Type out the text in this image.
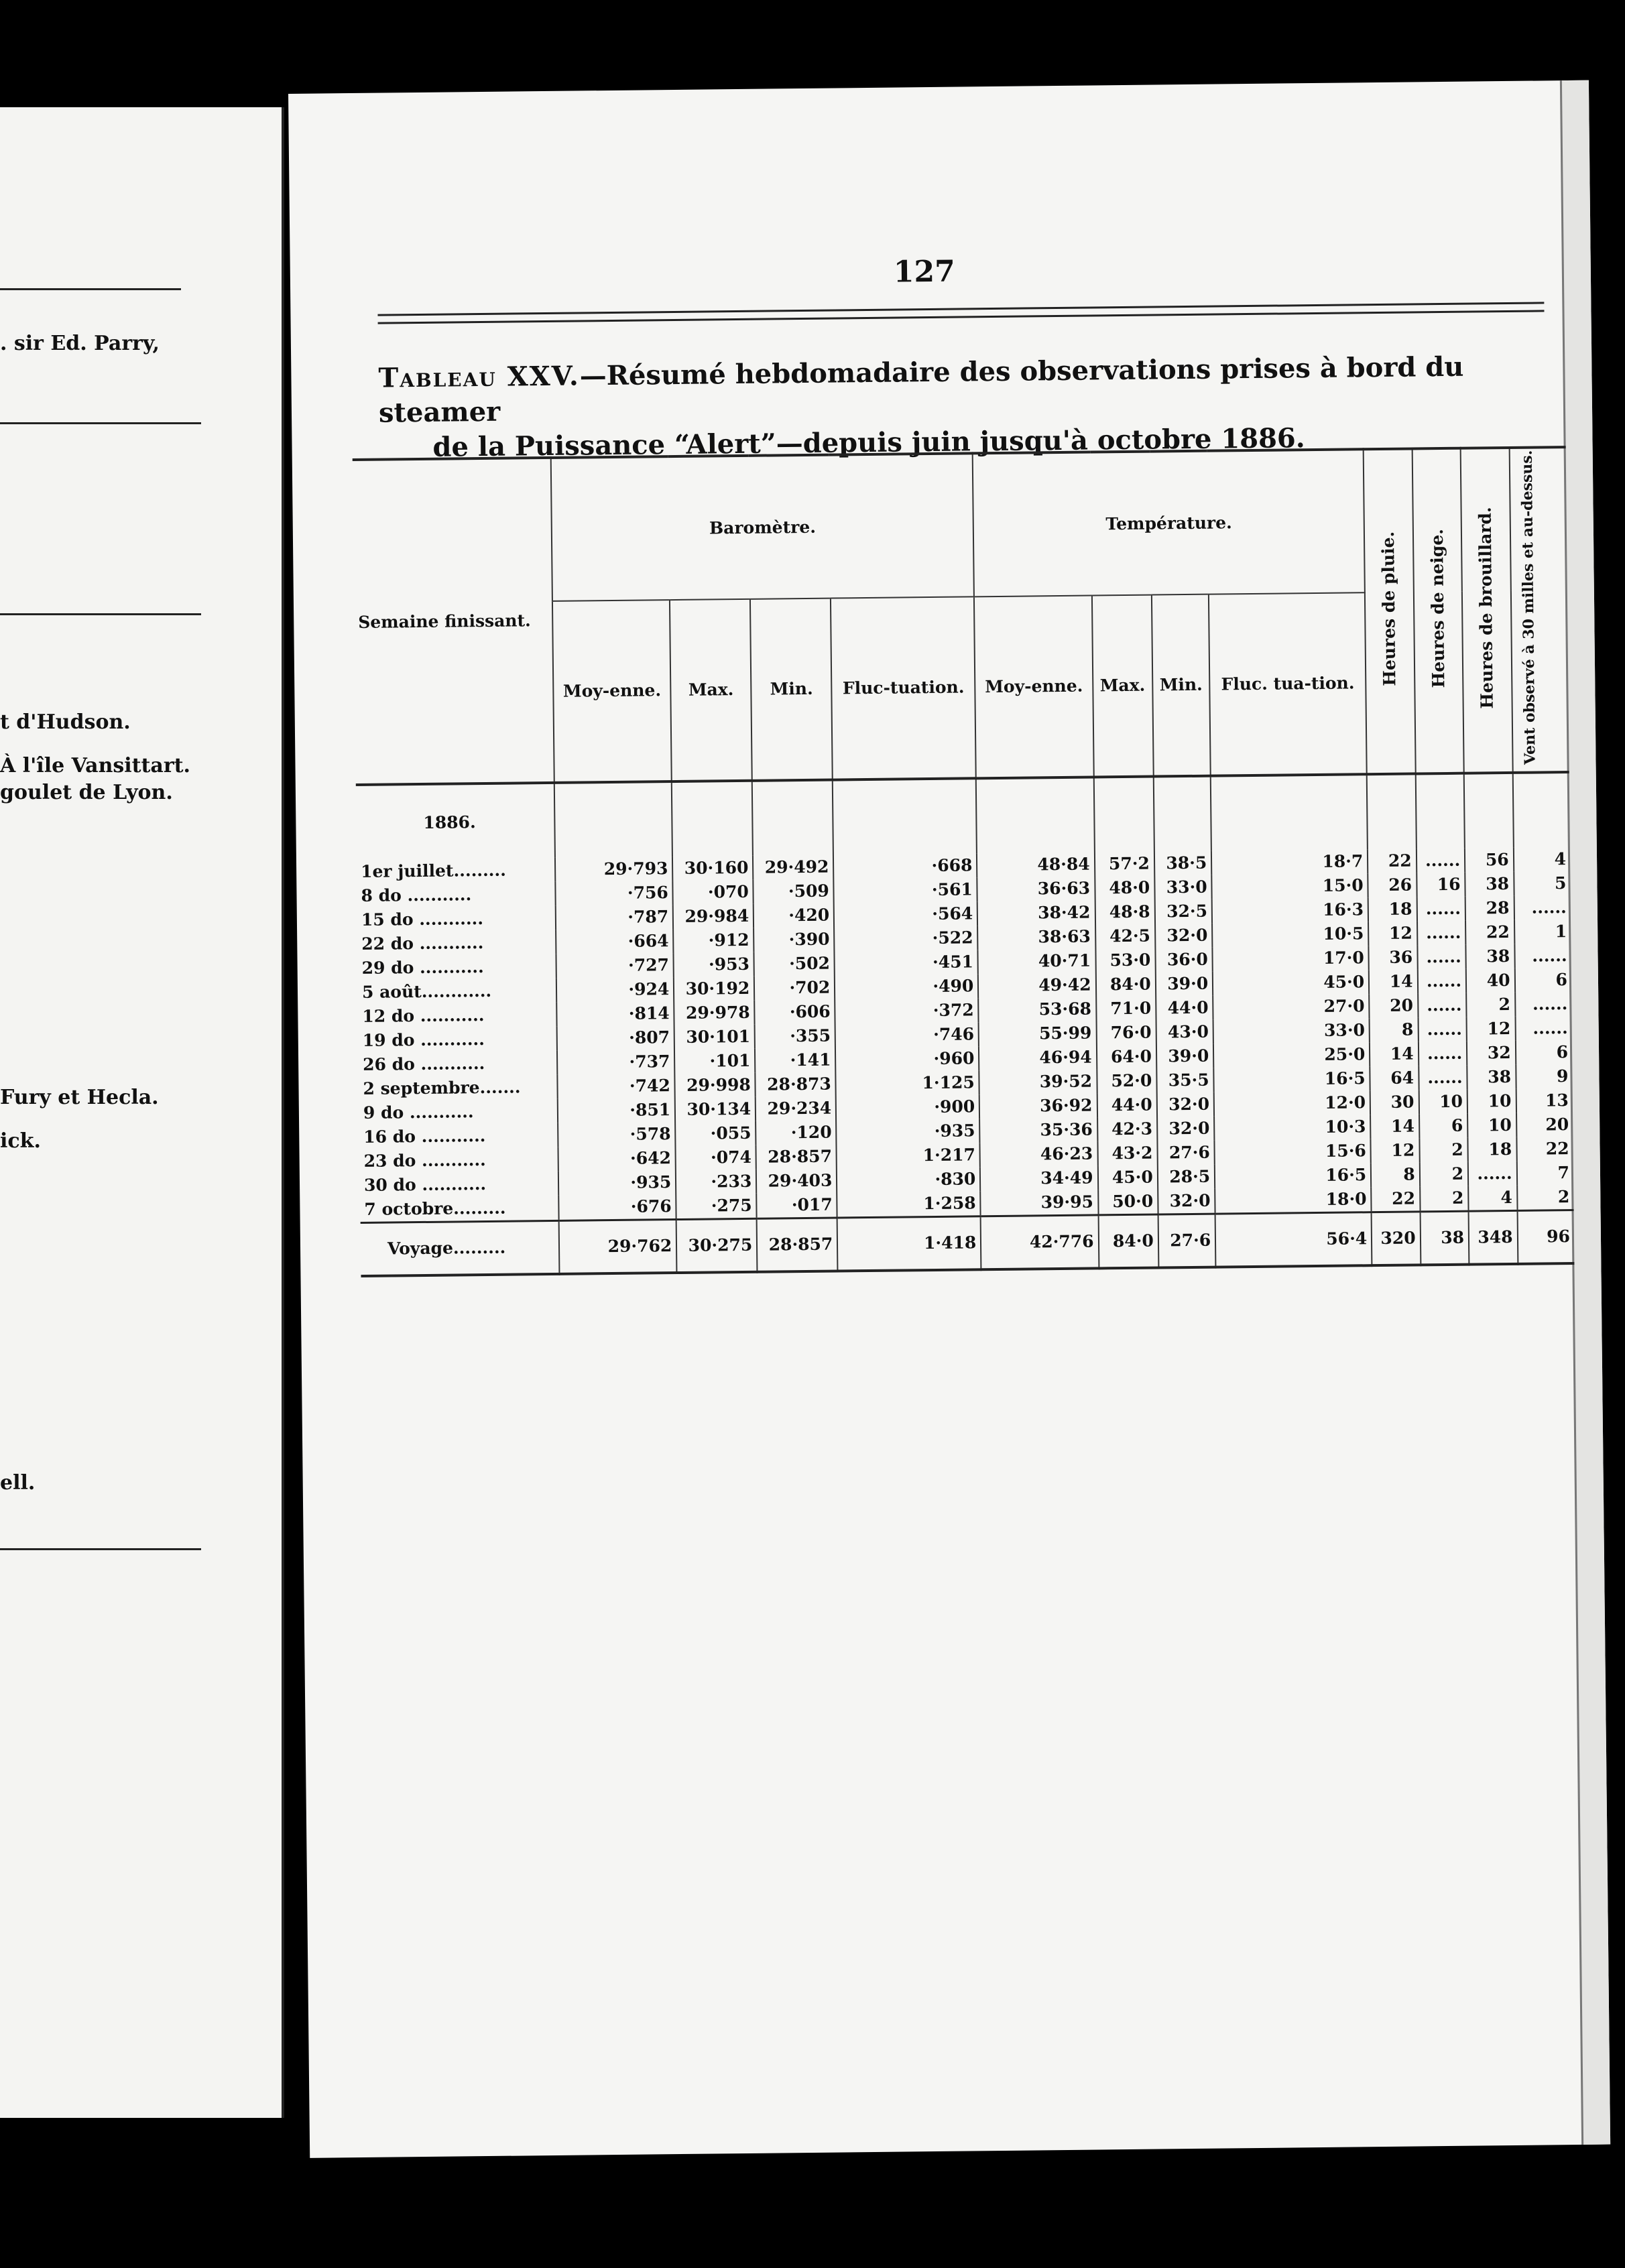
. sir Ed. Parry,
t d'Hudson.
À l'île Vansittart.
goulet de Lyon.
Fury et Hecla.
ick.
ell.
127
Tableau XXV.—Résumé hebdomadaire des observations prises à bord du steamer
de la Puissance “Alert”—depuis juin jusqu'à octobre 1886.
Semaine finissant.	Baromètre.				Température.				Heures de pluie.	Heures de neige.	Heures de brouillard.	Vent observé à 30 milles et au-dessus.
	Moy-enne.	Max.	Min.	Fluc-tuation.	Moy-enne.	Max.	Min.	Fluc. tua-tion.				
1886.												
1er juillet.........	29·793	30·160	29·492	·668	48·84	57·2	38·5	18·7	22	......	56	4
8 do ...........	·756	·070	·509	·561	36·63	48·0	33·0	15·0	26	16	38	5
15 do ...........	·787	29·984	·420	·564	38·42	48·8	32·5	16·3	18	......	28	......
22 do ...........	·664	·912	·390	·522	38·63	42·5	32·0	10·5	12	......	22	1
29 do ...........	·727	·953	·502	·451	40·71	53·0	36·0	17·0	36	......	38	......
5 août............	·924	30·192	·702	·490	49·42	84·0	39·0	45·0	14	......	40	6
12 do ...........	·814	29·978	·606	·372	53·68	71·0	44·0	27·0	20	......	2	......
19 do ...........	·807	30·101	·355	·746	55·99	76·0	43·0	33·0	8	......	12	......
26 do ...........	·737	·101	·141	·960	46·94	64·0	39·0	25·0	14	......	32	6
2 septembre.......	·742	29·998	28·873	1·125	39·52	52·0	35·5	16·5	64	......	38	9
9 do ...........	·851	30·134	29·234	·900	36·92	44·0	32·0	12·0	30	10	10	13
16 do ...........	·578	·055	·120	·935	35·36	42·3	32·0	10·3	14	6	10	20
23 do ...........	·642	·074	28·857	1·217	46·23	43·2	27·6	15·6	12	2	18	22
30 do ...........	·935	·233	29·403	·830	34·49	45·0	28·5	16·5	8	2	......	7
7 octobre.........	·676	·275	·017	1·258	39·95	50·0	32·0	18·0	22	2	4	2
Voyage.........	29·762	30·275	28·857	1·418	42·776	84·0	27·6	56·4	320	38	348	96
